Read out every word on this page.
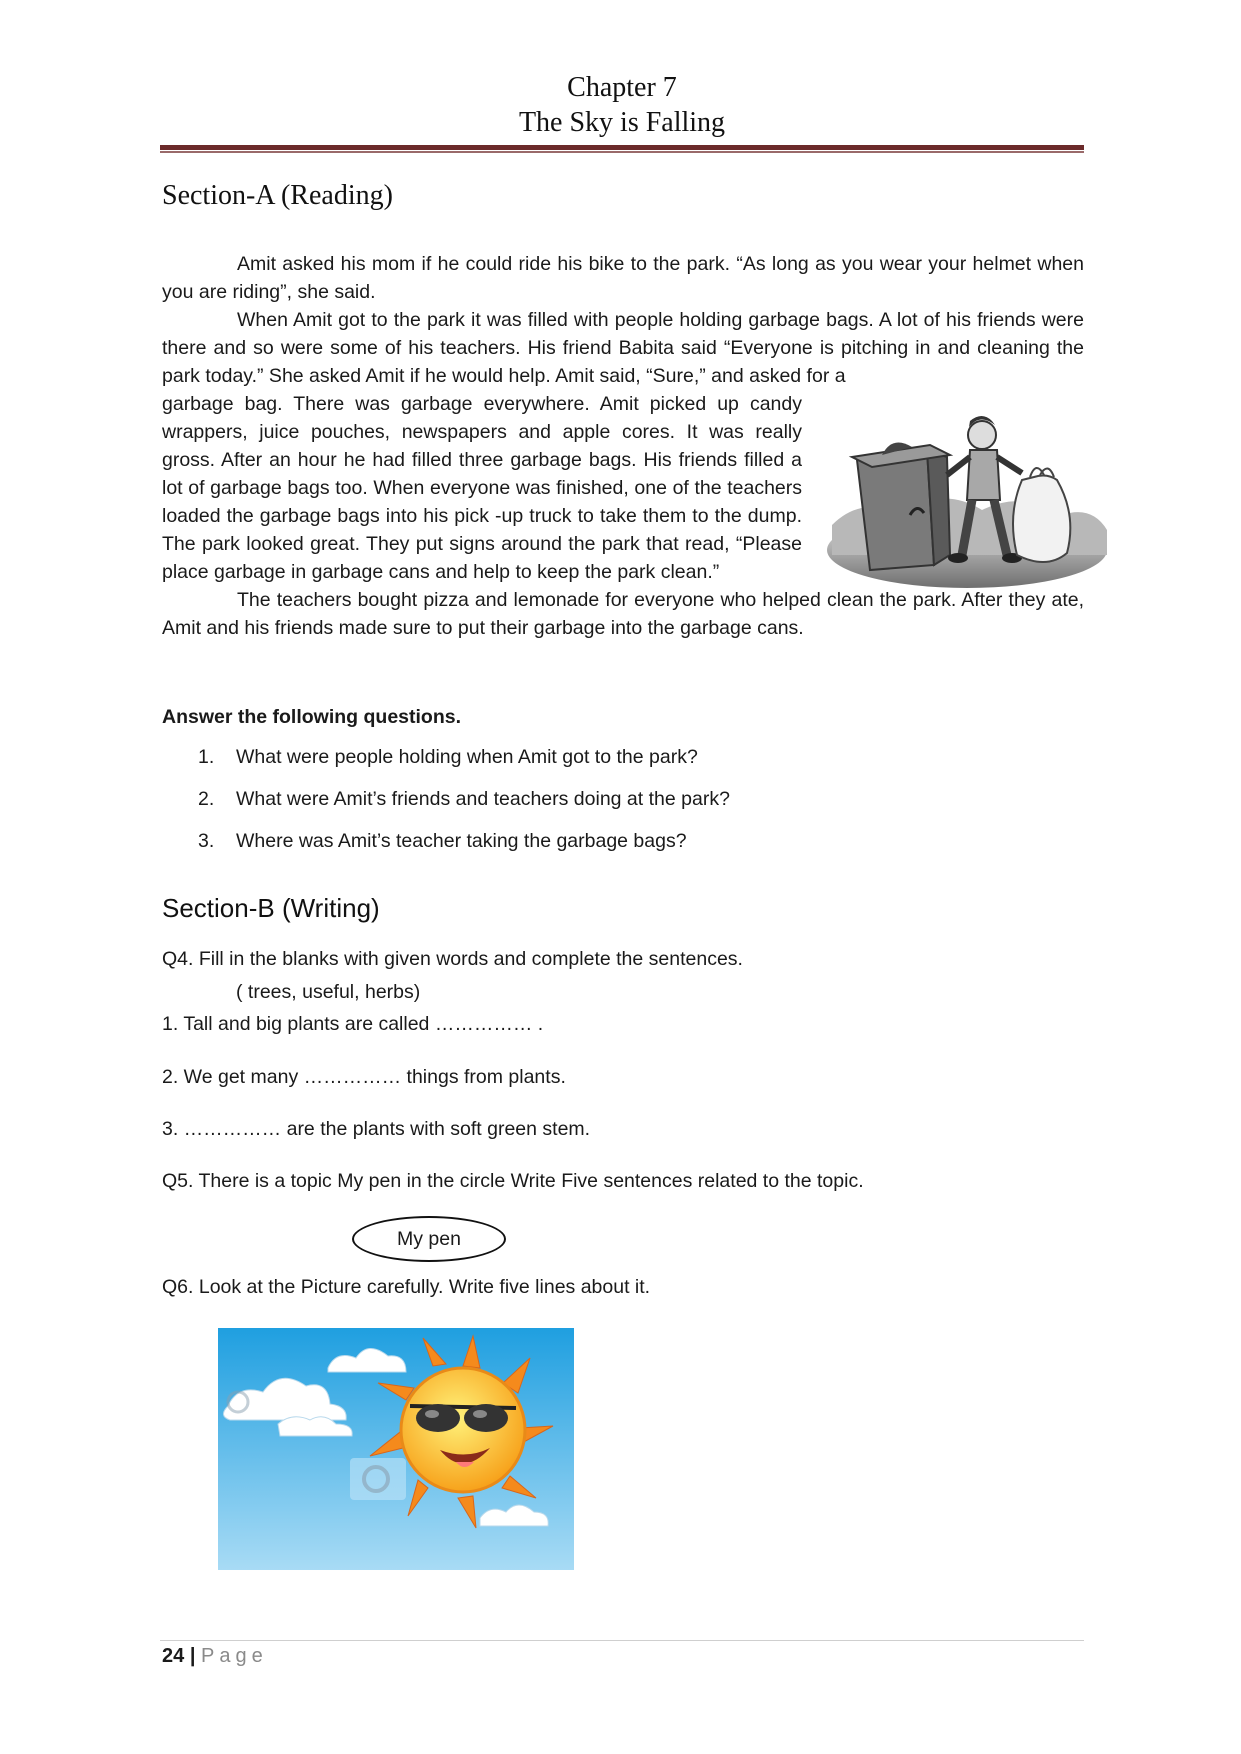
Chapter 7
The Sky is Falling
Section-A (Reading)

Amit asked his mom if he could ride his bike to the park. “As long as you wear your helmet when you are riding”, she said.

When Amit got to the park it was filled with people holding garbage bags. A lot of his friends were there and so were some of his teachers. His friend Babita said “Everyone is pitching in and cleaning the park today.” She asked Amit if he would help. Amit said, “Sure,” and asked for a

garbage bag. There was garbage everywhere. Amit picked up candy wrappers, juice pouches, newspapers and apple cores. It was really gross. After an hour he had filled three garbage bags. His friends filled a lot of garbage bags too. When everyone was finished, one of the teachers loaded the garbage bags into his pick -up truck to take them to the dump. The park looked great. They put signs around the park that read, “Please place garbage in garbage cans and help to keep the park clean.”

The teachers bought pizza and lemonade for everyone who helped clean the park. After they ate, Amit and his friends made sure to put their garbage into the garbage cans.

Answer the following questions.
1.	What were people holding when Amit got to the park?
2.	What were Amit’s friends and teachers doing at the park?
3.	Where was Amit’s teacher taking the garbage bags?
Section-B (Writing)
Q4. Fill in the blanks with given words and complete the sentences.
( trees, useful, herbs)
1. Tall and big plants are called …………… .
2. We get many …………… things from plants.
3. …………… are the plants with soft green stem.
Q5. There is a topic My pen in the circle Write Five sentences related to the topic.
My pen
Q6. Look at the Picture carefully. Write five lines about it.
24 | Page
